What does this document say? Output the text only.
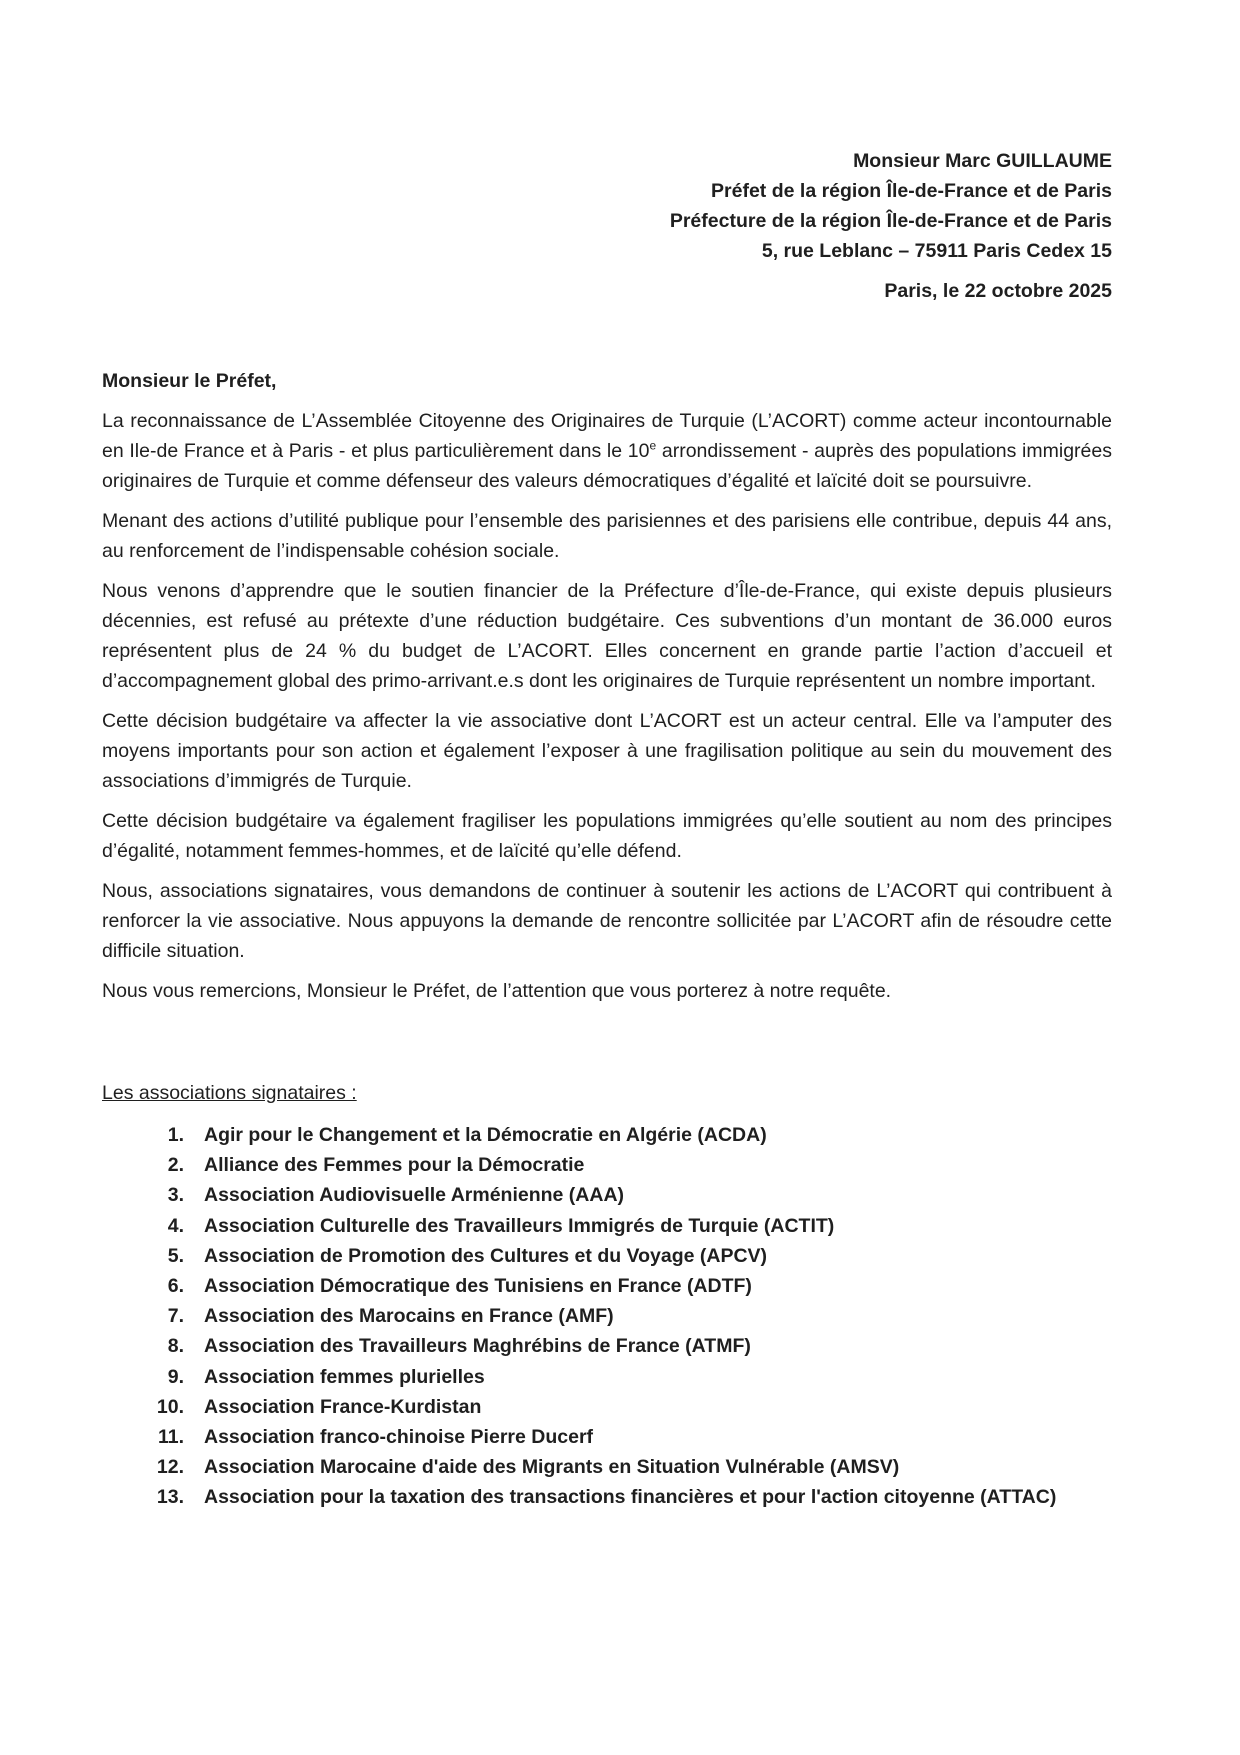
Monsieur Marc GUILLAUME
Préfet de la région Île-de-France et de Paris
Préfecture de la région Île-de-France et de Paris
5, rue Leblanc – 75911 Paris Cedex 15
Paris, le 22 octobre 2025
Monsieur le Préfet,

La reconnaissance de L’Assemblée Citoyenne des Originaires de Turquie (L’ACORT) comme acteur incontournable en Ile-de France et à Paris - et plus particulièrement dans le 10e arrondissement - auprès des populations immigrées originaires de Turquie et comme défenseur des valeurs démocratiques d’égalité et laïcité doit se poursuivre.

Menant des actions d’utilité publique pour l’ensemble des parisiennes et des parisiens elle contribue, depuis 44 ans, au renforcement de l’indispensable cohésion sociale.

Nous venons d’apprendre que le soutien financier de la Préfecture d’Île-de-France, qui existe depuis plusieurs décennies, est refusé au prétexte d’une réduction budgétaire. Ces subventions d’un montant de 36.000 euros représentent plus de 24 % du budget de L’ACORT. Elles concernent en grande partie l’action d’accueil et d’accompagnement global des primo-arrivant.e.s dont les originaires de Turquie représentent un nombre important.

Cette décision budgétaire va affecter la vie associative dont L’ACORT est un acteur central. Elle va l’amputer des moyens importants pour son action et également l’exposer à une fragilisation politique au sein du mouvement des associations d’immigrés de Turquie.

Cette décision budgétaire va également fragiliser les populations immigrées qu’elle soutient au nom des principes d’égalité, notamment femmes-hommes, et de laïcité qu’elle défend.

Nous, associations signataires, vous demandons de continuer à soutenir les actions de L’ACORT qui contribuent à renforcer la vie associative. Nous appuyons la demande de rencontre sollicitée par L’ACORT afin de résoudre cette difficile situation.

Nous vous remercions, Monsieur le Préfet, de l’attention que vous porterez à notre requête.

Les associations signataires :
1.	Agir pour le Changement et la Démocratie en Algérie (ACDA)
2.	Alliance des Femmes pour la Démocratie
3.	Association Audiovisuelle Arménienne (AAA)
4.	Association Culturelle des Travailleurs Immigrés de Turquie (ACTIT)
5.	Association de Promotion des Cultures et du Voyage (APCV)
6.	Association Démocratique des Tunisiens en France (ADTF)
7.	Association des Marocains en France (AMF)
8.	Association des Travailleurs Maghrébins de France (ATMF)
9.	Association femmes plurielles
10.	Association France-Kurdistan
11.	Association franco-chinoise Pierre Ducerf
12.	Association Marocaine d'aide des Migrants en Situation Vulnérable (AMSV)
13.	Association pour la taxation des transactions financières et pour l'action citoyenne (ATTAC)
